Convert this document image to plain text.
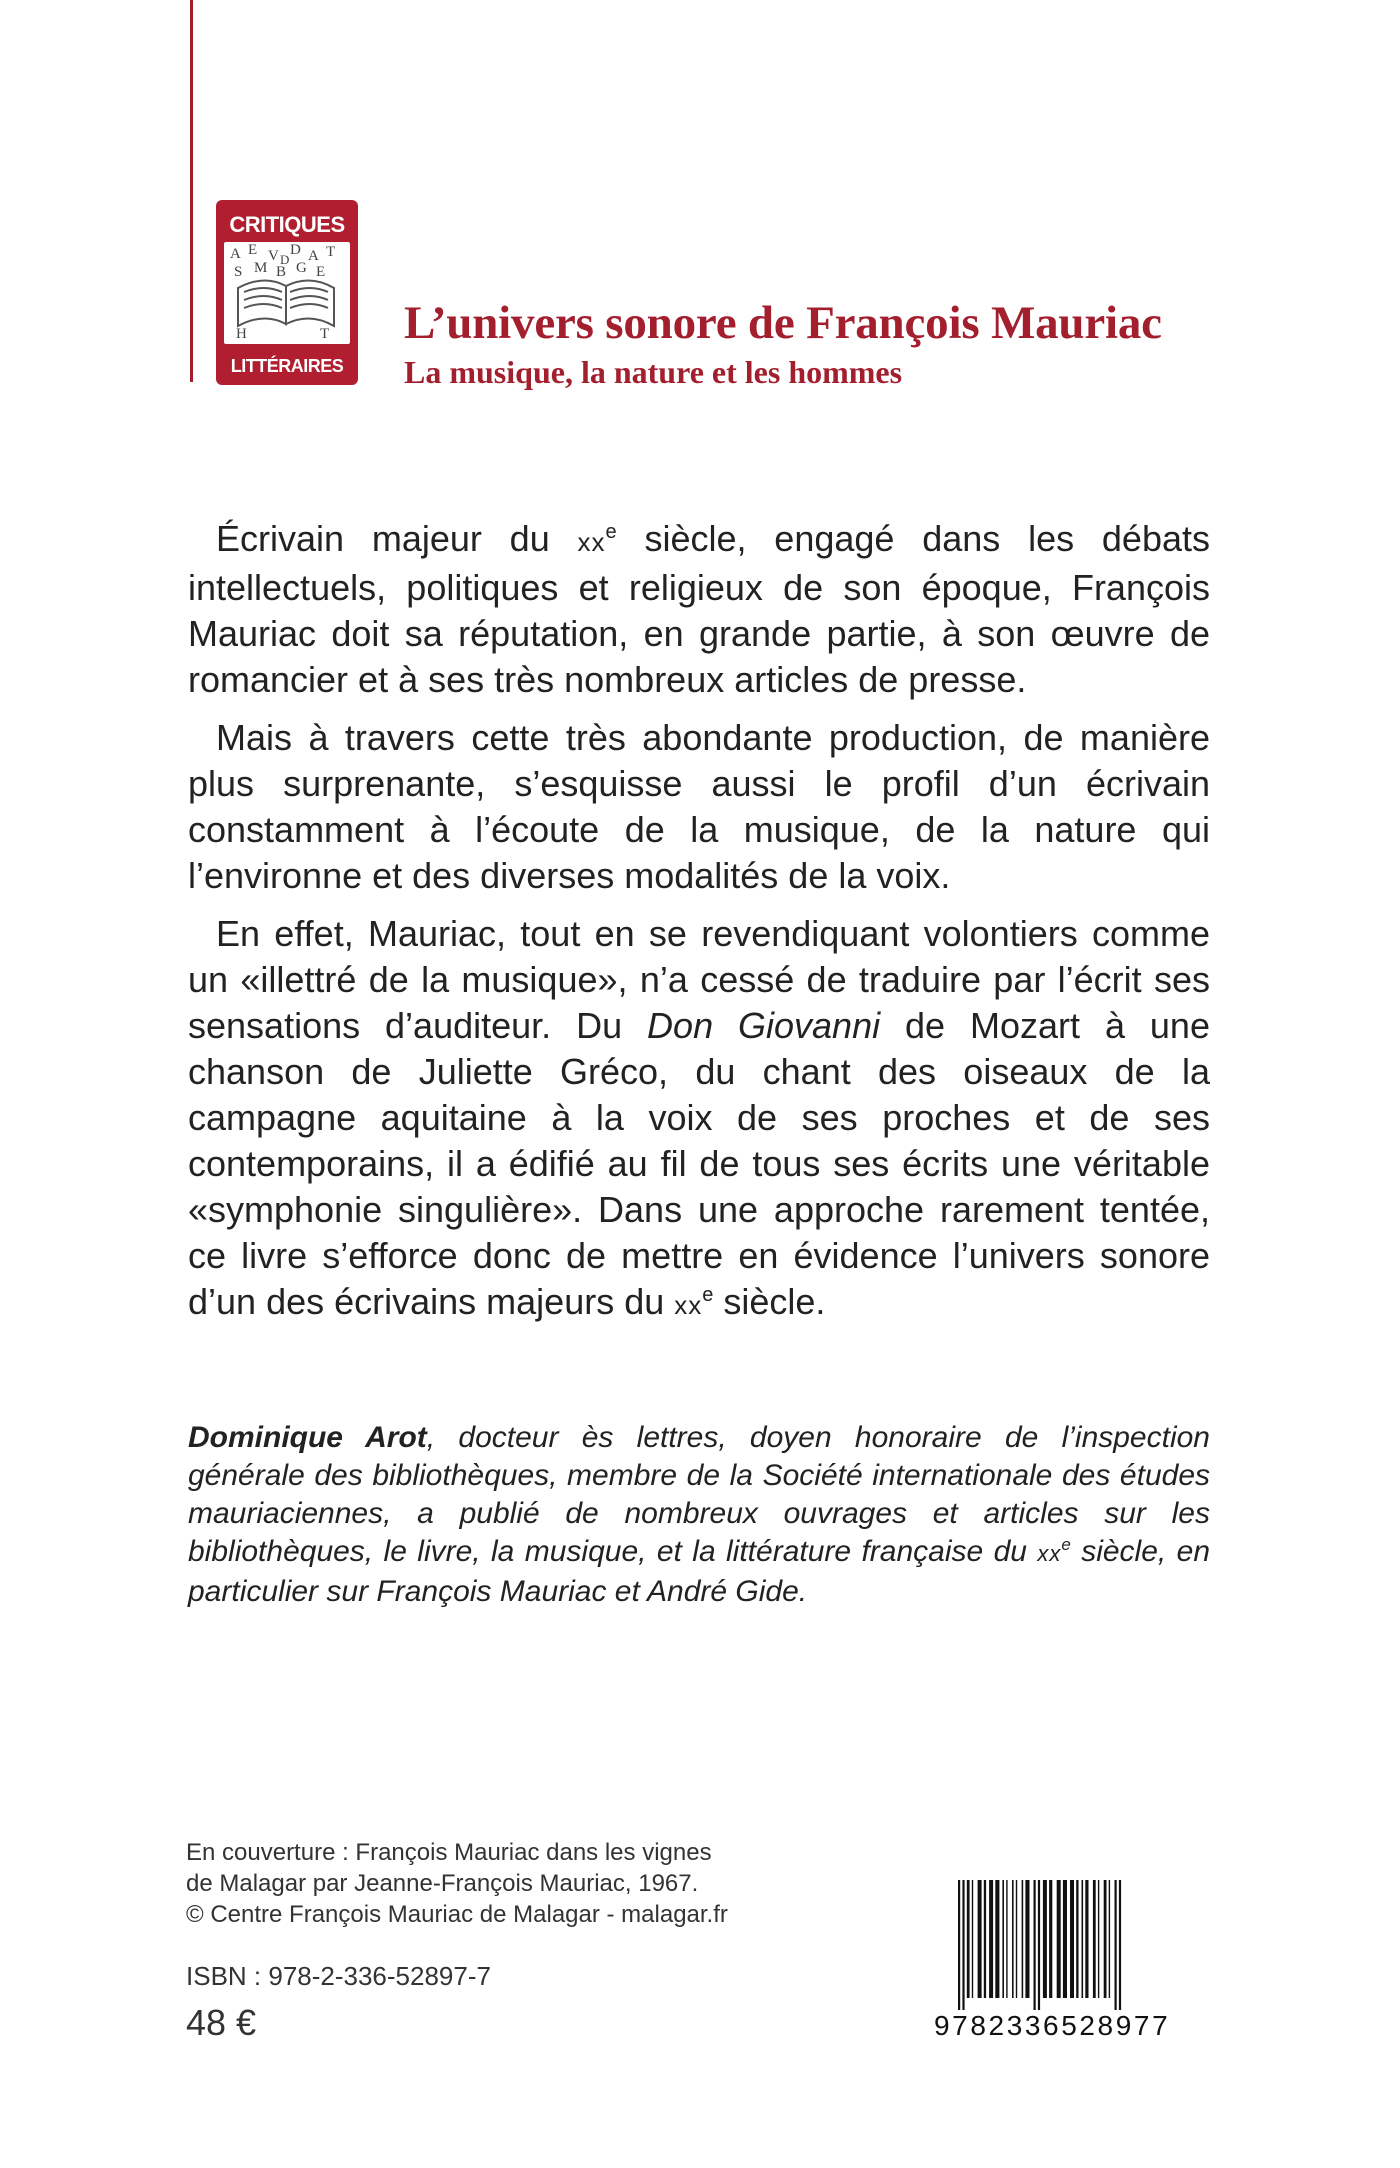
CRITIQUES
A E V D A T
S M B G E
D
H	T
LITTÉRAIRES
L’univers sonore de François Mauriac
La musique, la nature et les hommes

Écrivain majeur du $xx^e$ siècle, engagé dans les débats intellectuels, politiques et religieux de son époque, François Mauriac doit sa réputation, en grande partie, à son œuvre de romancier et à ses très nombreux articles de presse.

Mais à travers cette très abondante production, de manière plus surprenante, s’esquisse aussi le profil d’un écrivain constamment à l’écoute de la musique, de la nature qui l’environne et des diverses modalités de la voix.

En effet, Mauriac, tout en se revendiquant volontiers comme un «illettré de la musique», n’a cessé de traduire par l’écrit ses sensations d’auditeur. Du Don Giovanni de Mozart à une chanson de Juliette Gréco, du chant des oiseaux de la campagne aquitaine à la voix de ses proches et de ses contemporains, il a édifié au fil de tous ses écrits une véritable «symphonie singulière». Dans une approche rarement tentée, ce livre s’efforce donc de mettre en évidence l’univers sonore d’un des écrivains majeurs du $xx^e$ siècle.

Dominique Arot, docteur ès lettres, doyen honoraire de l’inspection générale des bibliothèques, membre de la Société internationale des études mauriaciennes, a publié de nombreux ouvrages et articles sur les bibliothèques, le livre, la musique, et la littérature française du $xx^e$ siècle, en particulier sur François Mauriac et André Gide.

En couverture : François Mauriac dans les vignes
de Malagar par Jeanne-François Mauriac, 1967.
© Centre François Mauriac de Malagar - malagar.fr
ISBN : 978-2-336-52897-7
48 €	9782336528977
